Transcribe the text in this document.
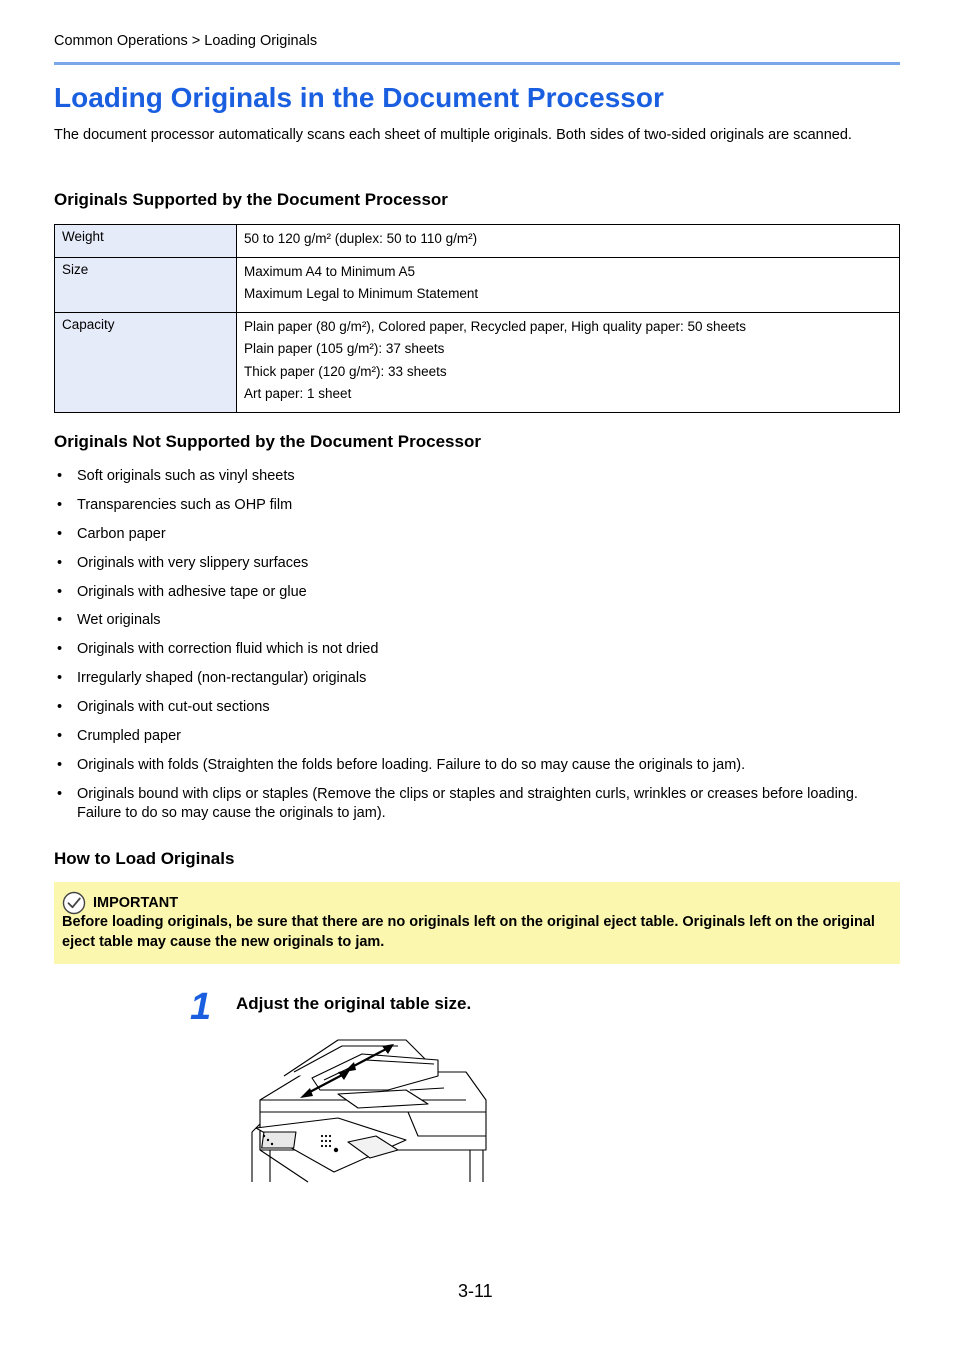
Common Operations > Loading Originals
Loading Originals in the Document Processor

The document processor automatically scans each sheet of multiple originals. Both sides of two-sided originals are scanned.

Originals Supported by the Document Processor
Weight	50 to 120 g/m² (duplex: 50 to 110 g/m²)

Size	Maximum A4 to Minimum A5
Maximum Legal to Minimum Statement

Capacity	Plain paper (80 g/m²), Colored paper, Recycled paper, High quality paper: 50 sheets
Plain paper (105 g/m²): 37 sheets
Thick paper (120 g/m²): 33 sheets
Art paper: 1 sheet
Originals Not Supported by the Document Processor
• Soft originals such as vinyl sheets
• Transparencies such as OHP film
• Carbon paper
• Originals with very slippery surfaces
• Originals with adhesive tape or glue
• Wet originals
• Originals with correction fluid which is not dried
• Irregularly shaped (non-rectangular) originals
• Originals with cut-out sections
• Crumpled paper
• Originals with folds (Straighten the folds before loading. Failure to do so may cause the originals to jam).
• Originals bound with clips or staples (Remove the clips or staples and straighten curls, wrinkles or creases before loading. Failure to do so may cause the originals to jam).
How to Load Originals
IMPORTANT
Before loading originals, be sure that there are no originals left on the original eject table. Originals left on the original eject table may cause the new originals to jam.
1 Adjust the original table size.
3-11
